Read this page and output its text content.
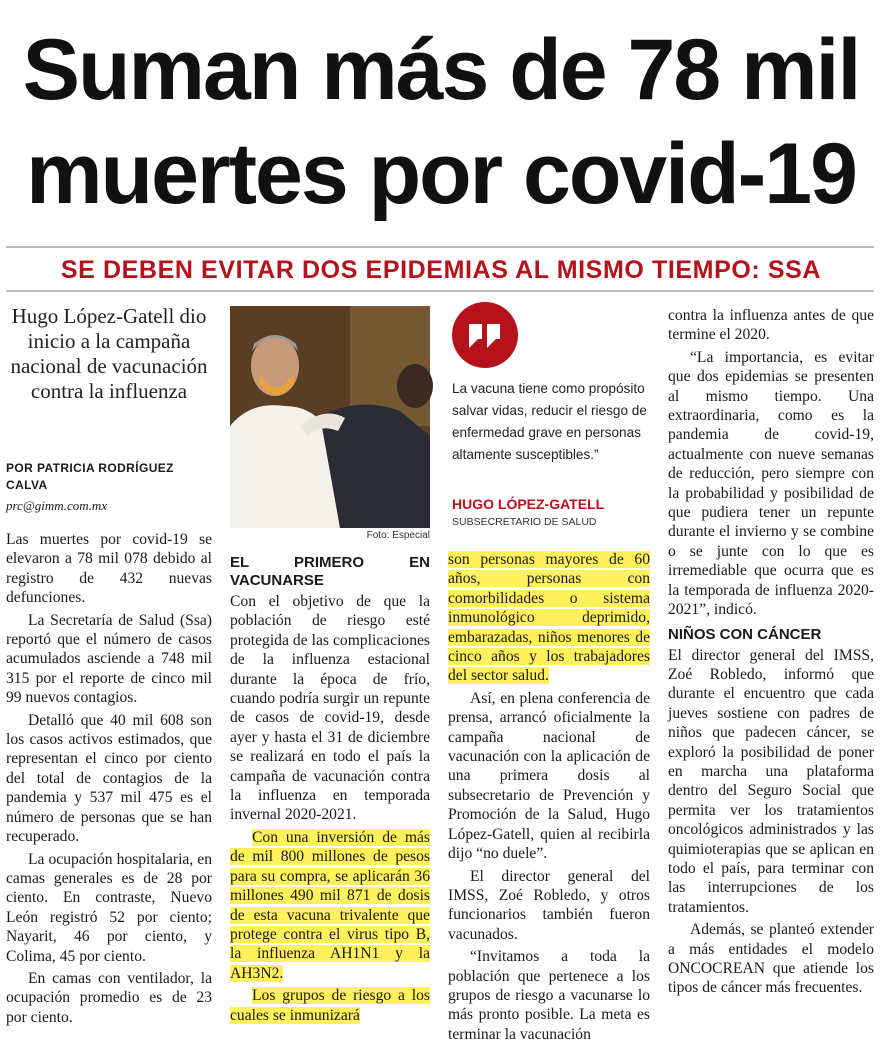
Suman más de 78 mil
muertes por covid-19
SE DEBEN EVITAR DOS EPIDEMIAS AL MISMO TIEMPO: SSA
Hugo López-Gatell dio inicio a la campaña nacional de vacunación contra la influenza
POR PATRICIA RODRÍGUEZ CALVA
prc@gimm.com.mx

Las muertes por covid-19 se elevaron a 78 mil 078 debido al registro de 432 nuevas defunciones.

La Secretaría de Salud (Ssa) reportó que el número de casos acumulados asciende a 748 mil 315 por el reporte de cinco mil 99 nuevos contagios.

Detalló que 40 mil 608 son los casos activos estimados, que representan el cinco por ciento del total de contagios de la pandemia y 537 mil 475 es el número de personas que se han recuperado.

La ocupación hospitalaria, en camas generales es de 28 por ciento. En contraste, Nuevo León registró 52 por ciento; Nayarit, 46 por ciento, y Colima, 45 por ciento.

En camas con ventilador, la ocupación promedio es de 23 por ciento.

Foto: Especial
EL PRIMERO EN VACUNARSE

Con el objetivo de que la población de riesgo esté protegida de las complicaciones de la influenza estacional durante la época de frío, cuando podría surgir un repunte de casos de covid-19, desde ayer y hasta el 31 de diciembre se realizará en todo el país la campaña de vacunación contra la influenza en temporada invernal 2020-2021.

Con una inversión de más de mil 800 millones de pesos para su compra, se aplicarán 36 millones 490 mil 871 de dosis de esta vacuna trivalente que protege contra el virus tipo B, la influenza AH1N1 y la AH3N2.

Los grupos de riesgo a los cuales se inmunizará

La vacuna tiene como propósito salvar vidas, reducir el riesgo de enfermedad grave en personas altamente susceptibles.”
HUGO LÓPEZ-GATELL
SUBSECRETARIO DE SALUD

son personas mayores de 60 años, personas con comorbilidades o sistema inmunológico deprimido, embarazadas, niños menores de cinco años y los trabajadores del sector salud.

Así, en plena conferencia de prensa, arrancó oficialmente la campaña nacional de vacunación con la aplicación de una primera dosis al subsecretario de Prevención y Promoción de la Salud, Hugo López-Gatell, quien al recibirla dijo “no duele”.

El director general del IMSS, Zoé Robledo, y otros funcionarios también fueron vacunados.

“Invitamos a toda la población que pertenece a los grupos de riesgo a vacunarse lo más pronto posible. La meta es terminar la vacunación

contra la influenza antes de que termine el 2020.

“La importancia, es evitar que dos epidemias se presenten al mismo tiempo. Una extraordinaria, como es la pandemia de covid-19, actualmente con nueve semanas de reducción, pero siempre con la probabilidad y posibilidad de que pudiera tener un repunte durante el invierno y se combine o se junte con lo que es irremediable que ocurra que es la temporada de influenza 2020-2021”, indicó.

NIÑOS CON CÁNCER

El director general del IMSS, Zoé Robledo, informó que durante el encuentro que cada jueves sostiene con padres de niños que padecen cáncer, se exploró la posibilidad de poner en marcha una plataforma dentro del Seguro Social que permita ver los tratamientos oncológicos administrados y las quimioterapias que se aplican en todo el país, para terminar con las interrupciones de los tratamientos.

Además, se planteó extender a más entidades el modelo ONCOCREAN que atiende los tipos de cáncer más frecuentes.
